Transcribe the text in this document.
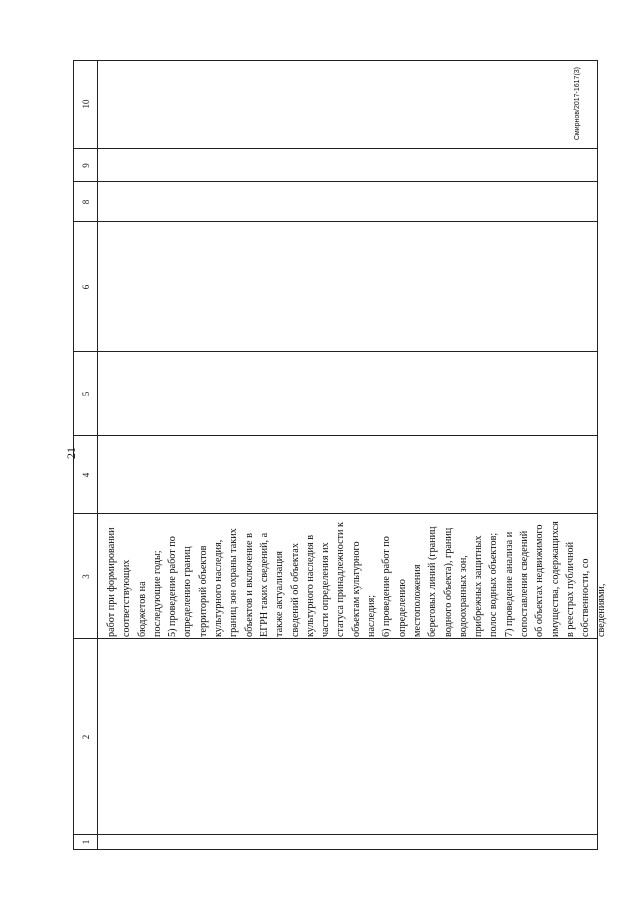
21
1
2
3
4
5
6
8
9
10
работ при формировании соответствующих бюджетов на последующие годы; 5) проведение работ по определению границ территорий объектов культурного наследия, границ зон охраны таких объектов и включение в ЕГРН таких сведений, а также актуализация сведений об объектах культурного наследия в части определения их статуса принадлежности к объектам культурного наследия; 6) проведение работ по определению местоположения береговых линий (границ водного объекта), границ водоохранных зон, прибрежных защитных полос водных объектов; 7) проведение анализа и сопоставления сведений об объектах недвижимого имущества, содержащихся в реестрах публичной собственности, со сведениями,
Смирнов/2017-1617(3)
